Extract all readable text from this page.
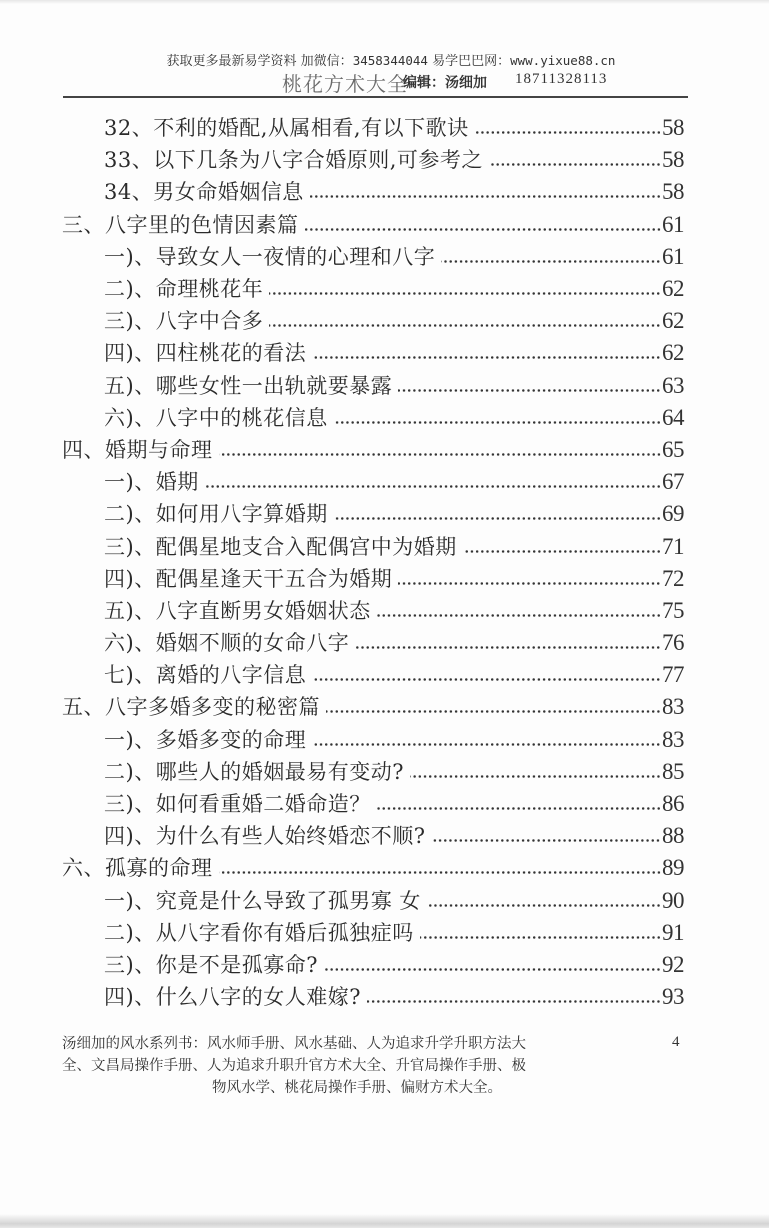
获取更多最新易学资料 加微信：3458344044 易学巴巴网：www.yixue88.cn
桃花方术大全
编辑：汤细加 18711328113
32、不利的婚配,从属相看,有以下歌诀	58
33、以下几条为八字合婚原则,可参考之	58
34、男女命婚姻信息	58
三、八字里的色情因素篇	61
一)、导致女人一夜情的心理和八字	61
二)、命理桃花年	62
三)、八字中合多	62
四)、四柱桃花的看法	62
五)、哪些女性一出轨就要暴露	63
六)、八字中的桃花信息	64
四、婚期与命理	65
一)、婚期	67
二)、如何用八字算婚期	69
三)、配偶星地支合入配偶宫中为婚期	71
四)、配偶星逢天干五合为婚期	72
五)、八字直断男女婚姻状态	75
六)、婚姻不顺的女命八字	76
七)、离婚的八字信息	77
五、八字多婚多变的秘密篇	83
一)、多婚多变的命理	83
二)、哪些人的婚姻最易有变动?	85
三)、如何看重婚二婚命造？	86
四)、为什么有些人始终婚恋不顺?	88
六、孤寡的命理	89
一)、究竟是什么导致了孤男寡 女	90
二)、从八字看你有婚后孤独症吗	91
三)、你是不是孤寡命?	92
四)、什么八字的女人难嫁?	93
汤细加的风水系列书：风水师手册、风水基础、人为追求升学升职方法大
全、文昌局操作手册、人为追求升职升官方术大全、升官局操作手册、极
物风水学、桃花局操作手册、偏财方术大全。
4
